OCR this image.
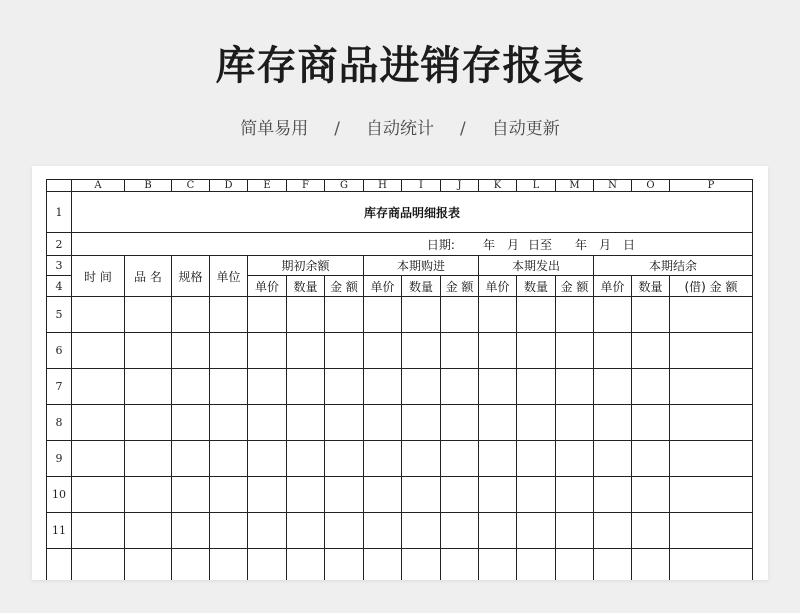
库存商品进销存报表
简单易用 / 自动统计 / 自动更新
	A	B	C	D	E	F	G	H	I	J	K	L	M	N	O	P
1	库存商品明细报表															
2	日期: 年 月 日至 年 月 日															
3	时 间	品 名	规格	单位	期初余额			本期购进			本期发出			本期结余		
4					单价	数量	金 额	单价	数量	金 额	单价	数量	金 额	单价	数量	(借) 金 额
5																
6																
7																
8																
9																
10																
11																
